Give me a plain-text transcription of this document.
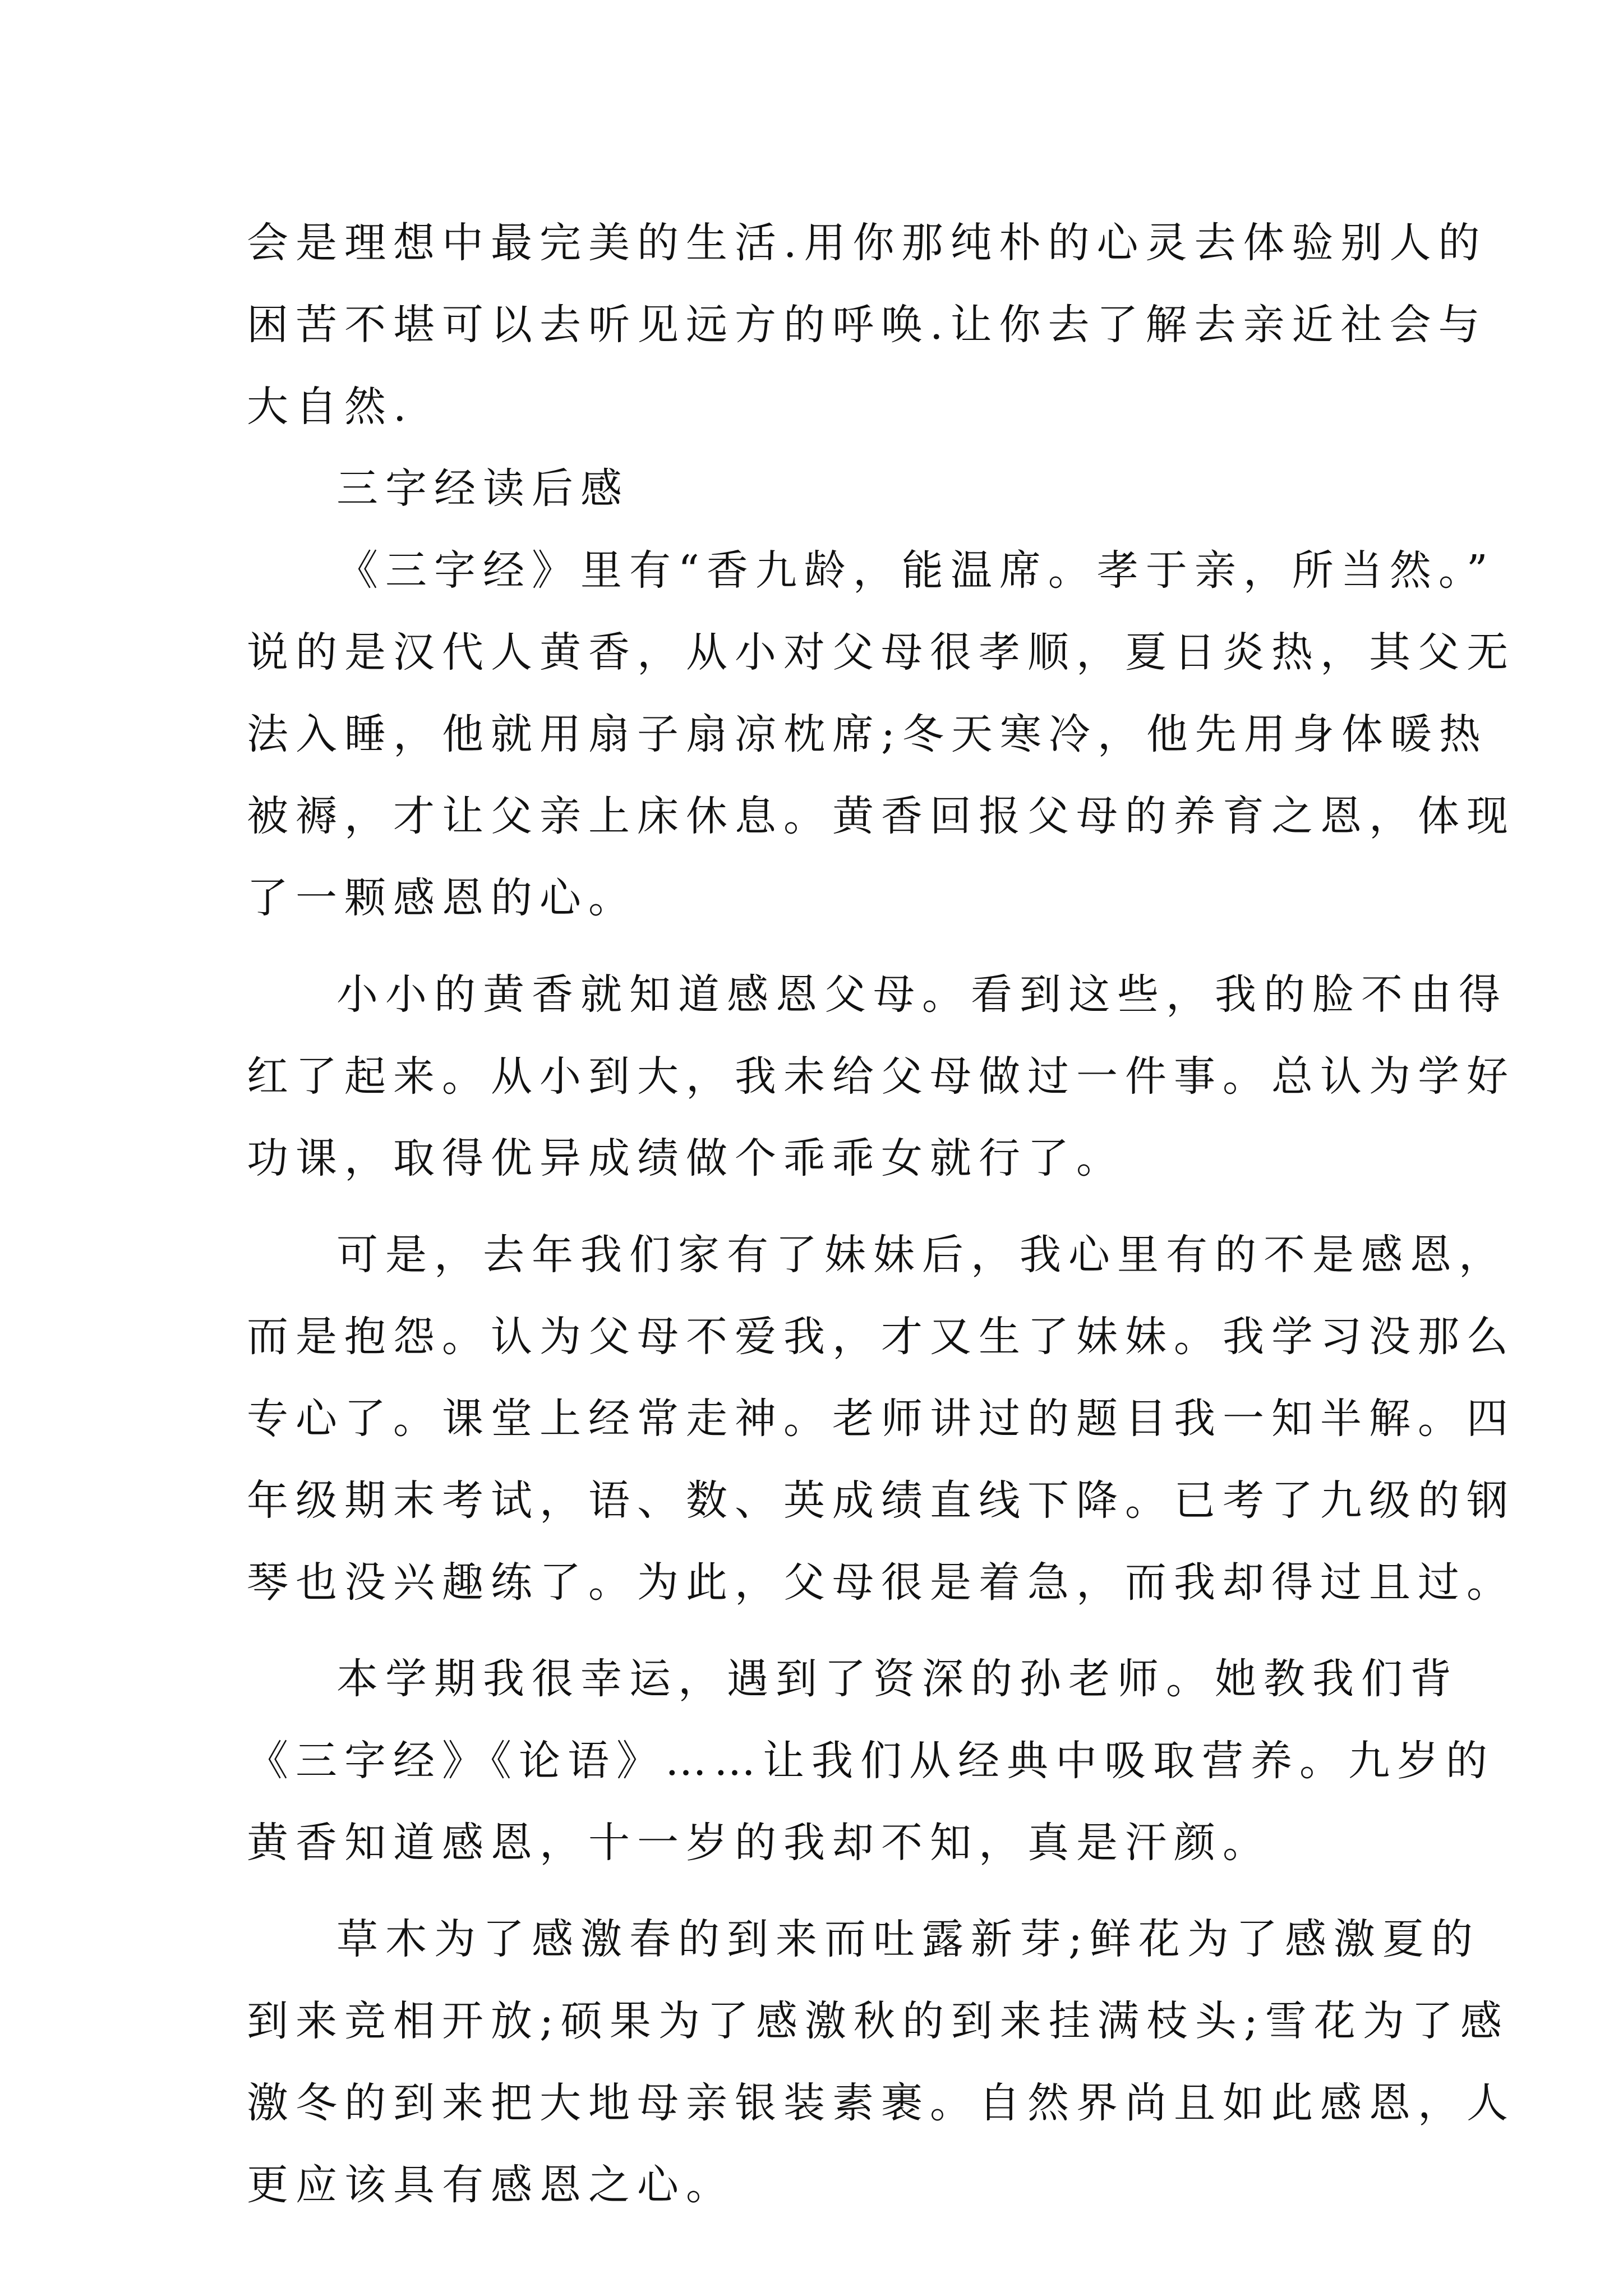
会是理想中最完美的生活.用你那纯朴的心灵去体验别人的
困苦不堪可以去听见远方的呼唤.让你去了解去亲近社会与
大自然.
三字经读后感
《三字经》里有“香九龄，能温席。孝于亲，所当然。”
说的是汉代人黄香，从小对父母很孝顺，夏日炎热，其父无
法入睡，他就用扇子扇凉枕席;冬天寒冷，他先用身体暖热
被褥，才让父亲上床休息。黄香回报父母的养育之恩，体现
了一颗感恩的心。
小小的黄香就知道感恩父母。看到这些，我的脸不由得
红了起来。从小到大，我未给父母做过一件事。总认为学好
功课，取得优异成绩做个乖乖女就行了。
可是，去年我们家有了妹妹后，我心里有的不是感恩，
而是抱怨。认为父母不爱我，才又生了妹妹。我学习没那么
专心了。课堂上经常走神。老师讲过的题目我一知半解。四
年级期末考试，语、数、英成绩直线下降。已考了九级的钢
琴也没兴趣练了。为此，父母很是着急，而我却得过且过。
本学期我很幸运，遇到了资深的孙老师。她教我们背
《三字经》《论语》……让我们从经典中吸取营养。九岁的
黄香知道感恩，十一岁的我却不知，真是汗颜。
草木为了感激春的到来而吐露新芽;鲜花为了感激夏的
到来竞相开放;硕果为了感激秋的到来挂满枝头;雪花为了感
激冬的到来把大地母亲银装素裹。自然界尚且如此感恩，人
更应该具有感恩之心。
